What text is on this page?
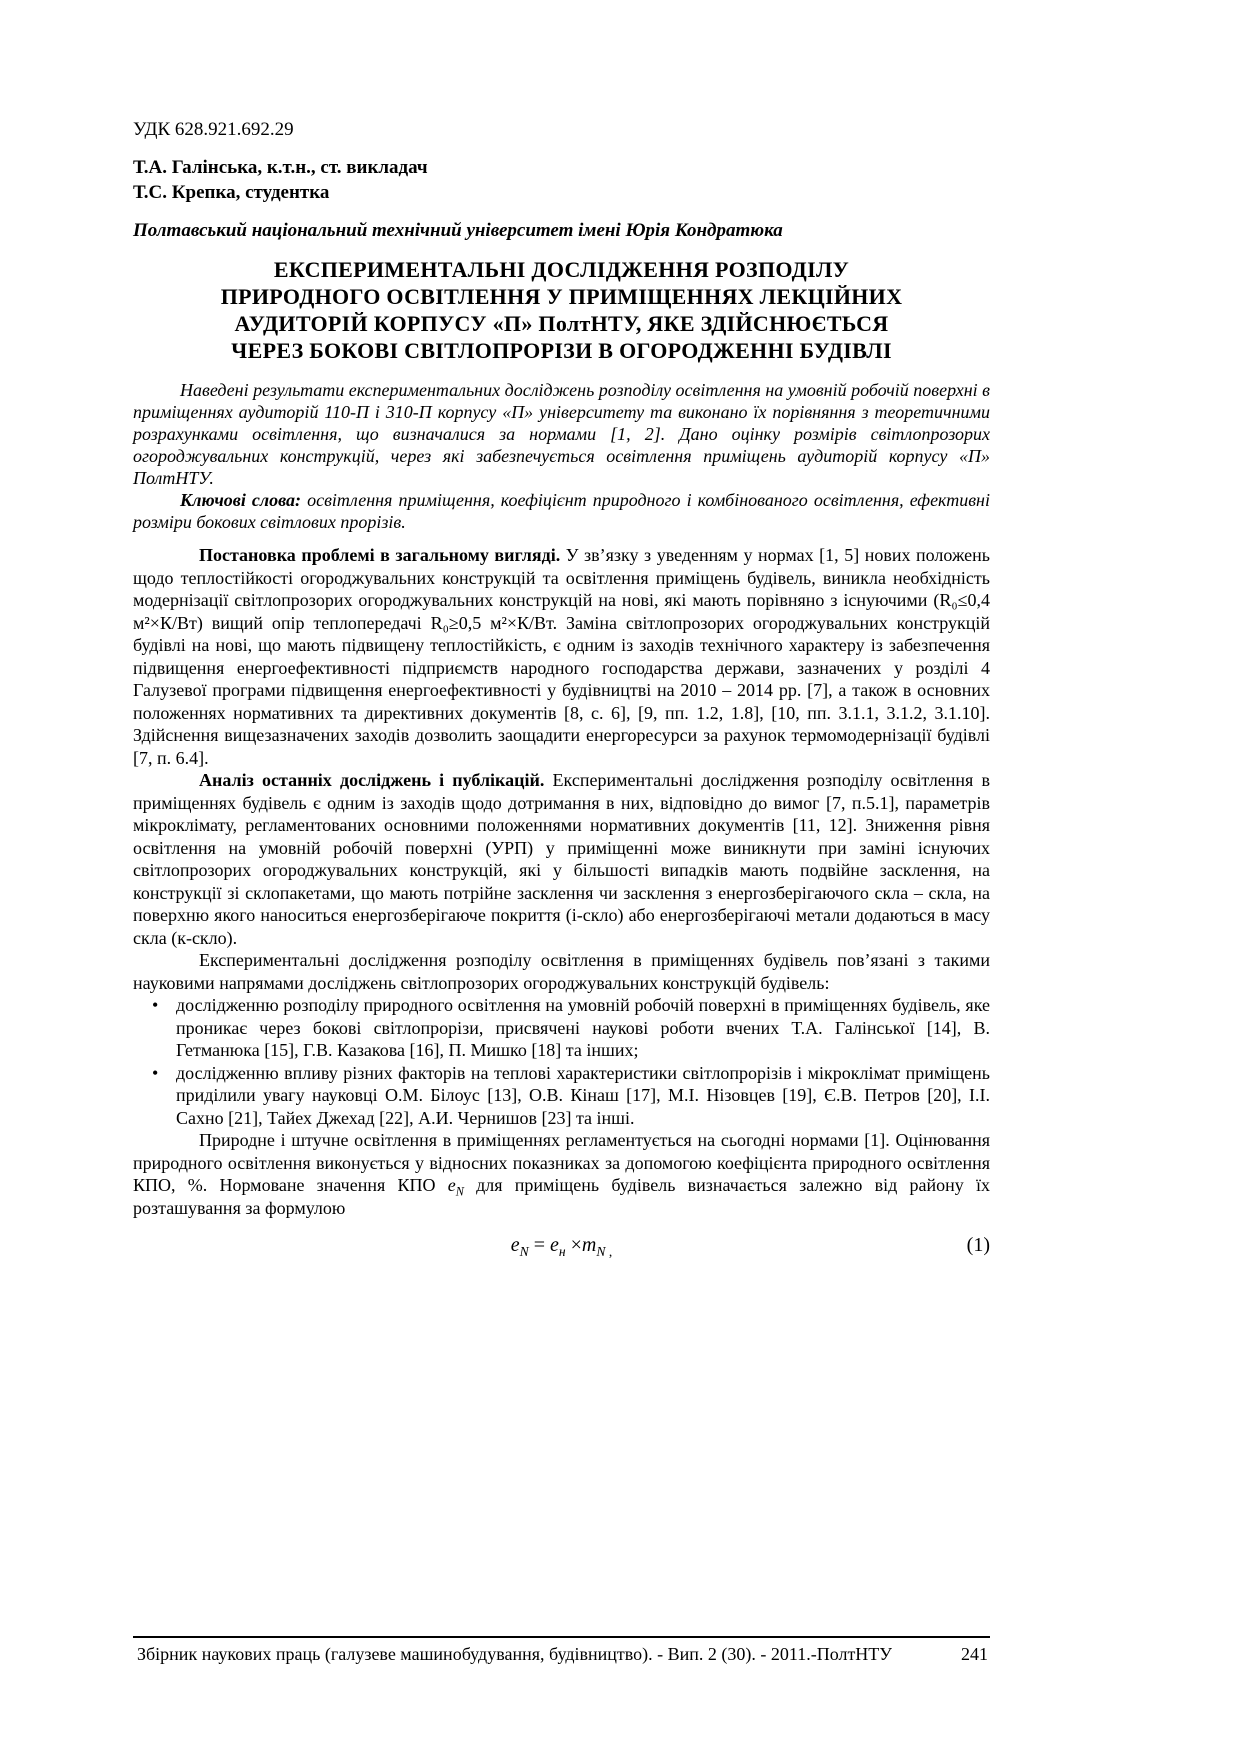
УДК 628.921.692.29
Т.А. Галінська, к.т.н., ст. викладач
Т.С. Крепка, студентка
Полтавський національний технічний університет імені Юрія Кондратюка
ЕКСПЕРИМЕНТАЛЬНІ ДОСЛІДЖЕННЯ РОЗПОДІЛУ
ПРИРОДНОГО ОСВІТЛЕННЯ У ПРИМІЩЕННЯХ ЛЕКЦІЙНИХ
АУДИТОРІЙ КОРПУСУ «П» ПолтНТУ, ЯКЕ ЗДІЙСНЮЄТЬСЯ
ЧЕРЕЗ БОКОВІ СВІТЛОПРОРІЗИ В ОГОРОДЖЕННІ БУДІВЛІ

Наведені результати експериментальних досліджень розподілу освітлення на умовній робочій поверхні в приміщеннях аудиторій 110-П і 310-П корпусу «П» університету та виконано їх порівняння з теоретичними розрахунками освітлення, що визначалися за нормами [1, 2]. Дано оцінку розмірів світлопрозорих огороджувальних конструкцій, через які забезпечується освітлення приміщень аудиторій корпусу «П» ПолтНТУ.

Ключові слова: освітлення приміщення, коефіцієнт природного і комбінованого освітлення, ефективні розміри бокових світлових прорізів.

Постановка проблемі в загальному вигляді. У зв’язку з уведенням у нормах [1, 5] нових положень щодо теплостійкості огороджувальних конструкцій та освітлення приміщень будівель, виникла необхідність модернізації світлопрозорих огороджувальних конструкцій на нові, які мають порівняно з існуючими (R₀≤0,4 м²×К/Вт) вищий опір теплопередачі R₀≥0,5 м²×К/Вт. Заміна світлопрозорих огороджувальних конструкцій будівлі на нові, що мають підвищену теплостійкість, є одним із заходів технічного характеру із забезпечення підвищення енергоефективності підприємств народного господарства держави, зазначених у розділі 4 Галузевої програми підвищення енергоефективності у будівництві на 2010 – 2014 рр. [7], а також в основних положеннях нормативних та директивних документів [8, с. 6], [9, пп. 1.2, 1.8], [10, пп. 3.1.1, 3.1.2, 3.1.10]. Здійснення вищезазначених заходів дозволить заощадити енергоресурси за рахунок термомодернізації будівлі [7, п. 6.4].

Аналіз останніх досліджень і публікацій. Експериментальні дослідження розподілу освітлення в приміщеннях будівель є одним із заходів щодо дотримання в них, відповідно до вимог [7, п.5.1], параметрів мікроклімату, регламентованих основними положеннями нормативних документів [11, 12]. Зниження рівня освітлення на умовній робочій поверхні (УРП) у приміщенні може виникнути при заміні існуючих світлопрозорих огороджувальних конструкцій, які у більшості випадків мають подвійне засклення, на конструкції зі склопакетами, що мають потрійне засклення чи засклення з енергозберігаючого скла – скла, на поверхню якого наноситься енергозберігаюче покриття (і-скло) або енергозберігаючі метали додаються в масу скла (к-скло).

Експериментальні дослідження розподілу освітлення в приміщеннях будівель пов’язані з такими науковими напрямами досліджень світлопрозорих огороджувальних конструкцій будівель:

• дослідженню розподілу природного освітлення на умовній робочій поверхні в приміщеннях будівель, яке проникає через бокові світлопрорізи, присвячені наукові роботи вчених Т.А. Галінської [14], В. Гетманюка [15], Г.В. Казакова [16], П. Мишко [18] та інших;
• дослідженню впливу різних факторів на теплові характеристики світлопрорізів і мікроклімат приміщень приділили увагу науковці О.М. Білоус [13], О.В. Кінаш [17], М.І. Нізовцев [19], Є.В. Петров [20], І.І. Сахно [21], Тайех Джехад [22], А.И. Чернишов [23] та інші.

Природне і штучне освітлення в приміщеннях регламентується на сьогодні нормами [1]. Оцінювання природного освітлення виконується у відносних показниках за допомогою коефіцієнта природного освітлення КПО, %. Нормоване значення КПО $e_N$ для приміщень будівель визначається залежно від району їх розташування за формулою

$e_N = e_н \times m_N$ $_,$	(1)
Збірник наукових праць (галузеве машинобудування, будівництво). - Вип. 2 (30). - 2011.-ПолтНТУ	241
